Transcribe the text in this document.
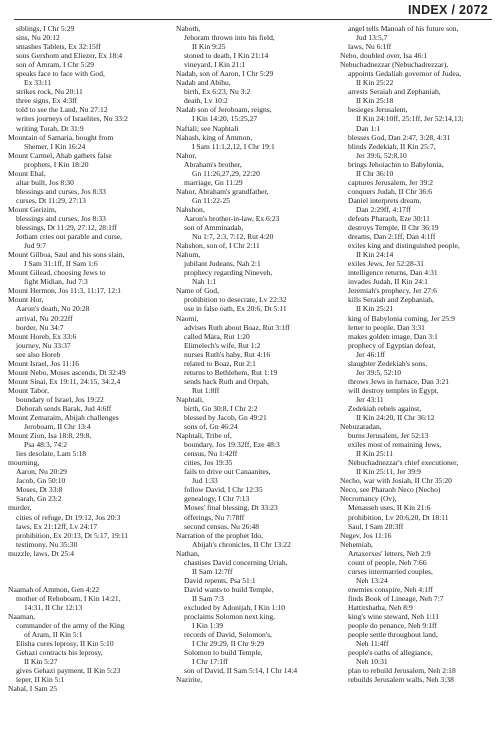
INDEX / 2072
siblings, I Chr 5:29
sins, Nu 20:12
smashes Tablets, Ex 32:15ff
sons Gershom and Eliezer, Ex 18:4
son of Amram, I Chr 5:29
speaks face to face with God,
Ex 33:11
strikes rock, Nu 20:11
three signs, Ex 4:3ff
told to see the Land, Nu 27:12
writes journeys of Israelites, Nu 33:2
writing Torah, Dt 31:9
Mountain of Samaria, bought from
Shemer, I Kin 16:24
Mount Carmel, Ahab gathers false
prophets, I Kin 18:20
Mount Ebal,
altar built, Jos 8:30
blessings and curses, Jos 8:33
curses, Dt 11:29, 27:13
Mount Gerizim,
blessings and curses, Jos 8:33
blessings, Dt 11:29, 27:12, 28:1ff
Jotham cries out parable and curse,
Jud 9:7
Mount Gilboa, Saul and his sons slain,
I Sam 31:1ff, II Sam 1:6
Mount Gilead, choosing Jews to
fight Midian, Jud 7:3
Mount Hermon, Jos 11:3, 11:17, 12:1
Mount Hor,
Aaron's death, Nu 20:28
arrival, Nu 20:22ff
border, Nu 34:7
Mount Horeb, Ex 33:6
journey, Nu 33:37
see also Horeb
Mount Israel, Jos 11:16
Mount Nebo, Moses ascends, Dt 32:49
Mount Sinai, Ex 19:11, 24:15, 34:2,4
Mount Tabor,
boundary of Israel, Jos 19:22
Deborah sends Barak, Jud 4:6ff
Mount Zemaraim, Abijah challenges
Jeroboam, II Chr 13:4
Mount Zion, Isa 18:8, 29:8,
Psa 48:3, 74:2
lies desolate, Lam 5:18
mourning,
Aaron, Nu 20:29
Jacob, Gn 50:10
Moses, Dt 33:8
Sarah, Gn 23:2
murder,
cities of refuge, Dt 19:12, Jos 20:3
laws, Ex 21:12ff, Lv 24:17
prohibition, Ex 20:13, Dt 5:17, 19:11
testimony, Nu 35:30
muzzle, laws, Dt 25:4
Naamah of Ammon, Gen 4:22
mother of Rehoboam, I Kin 14:21,
14:31, II Chr 12:13
Naaman,
commander of the army of the King
of Aram, II Kin 5:1
Elisha cures leprosy, II Kin 5:10
Gehazi contracts his leprosy,
II Kin 5:27
gives Gehazi payment, II Kin 5:23
leper, II Kin 5:1
Nabal, I Sam 25
Naboth,
Jehoram thrown into his field,
II Kin 9:25
stoned to death, I Kin 21:14
vineyard, I Kin 21:1
Nadab, son of Aaron, I Chr 5:29
Nadab and Abihu,
birth, Ex 6:23, Nu 3:2
death, Lv 10:2
Nadab son of Jeroboam, reigns,
I Kin 14:20, 15:25,27
Naftali; see Naphtali
Nahash, king of Ammon,
I Sam 11:1,2,12, I Chr 19:1
Nahor,
Abraham's brother,
Gn 11:26,27,29, 22:20
marriage, Gn 11:29
Nahor, Abraham's grandfather,
Gn 11:22-25
Nahshon,
Aaron's brother-in-law, Ex 6:23
son of Amminadab,
Nu 1:7, 2:3, 7:12, Rut 4:20
Nahshon, son of, I Chr 2:11
Nahum,
jubilant Judeans, Nah 2:1
prophecy regarding Nineveh,
Nah 1:1
Name of God,
prohibition to desecrate, Lv 22:32
use in false oath, Ex 20:6, Dt 5:11
Naomi,
advises Ruth about Boaz, Rut 3:1ff
called Mara, Rut 1:20
Elimelech's wife, Rut 1:2
nurses Ruth's baby, Rut 4:16
related to Boaz, Rut 2:1
returns to Bethlehem, Rut 1:19
sends back Ruth and Orpah,
Rut 1:8ff
Naphtali,
birth, Gn 30:8, I Chr 2:2
blessed by Jacob, Gn 49:21
sons of, Gn 46:24
Naphtali, Tribe of,
boundary, Jos 19:32ff, Eze 48:3
census, Nu 1:42ff
cities, Jos 19:35
fails to drive out Canaanites,
Jud 1:33
follow David, I Chr 12:35
genealogy, I Chr 7:13
Moses' final blessing, Dt 33:23
offerings, Nu 7:78ff
second census, Nu 26:48
Narration of the prophet Ido,
Abijah's chronicles, II Chr 13:22
Nathan,
chastises David concerning Uriah,
II Sam 12:7ff
David repents, Psa 51:1
David wants to build Temple,
II Sam 7:3
excluded by Adonijah, I Kin 1:10
proclaims Solomon next king,
I Kin 1:39
records of David, Solomon's,
I Chr 29:29, II Chr 9:29
Solomon to build Temple,
I Chr 17:1ff
son of David, II Sam 5:14, I Chr 14:4
Nazirite,
angel tells Manoah of his future son,
Jud 13:5,7
laws, Nu 6:1ff
Nebo, doubled over, Isa 46:1
Nebuchadnezzar (Nebuchadrezzar),
appoints Gedaliah governor of Judea,
II Kin 25:22
arrests Seraiah and Zephaniah,
II Kin 25:18
besieges Jerusalem,
II Kin 24:10ff, 25:1ff, Jer 52:14,13;
Dan 1:1
blesses God, Dan 2:47, 3:28, 4:31
blinds Zedekiah, II Kin 25:7,
Jer 39:6, 52:8,10
brings Jehoiachin to Babylonia,
II Chr 36:10
captures Jerusalem, Jer 39:2
conquers Judah, II Chr 36:6
Daniel interprets dream,
Dan 2:29ff, 4:17ff
defeats Pharaoh, Eze 30:11
destroys Temple, II Chr 36:19
dreams, Dan 2:1ff, Dan 4:1ff
exiles king and distinguished people,
II Kin 24:14
exiles Jews, Jer 52:28-31
intelligence returns, Dan 4:31
invades Judah, II Kin 24:1
Jeremiah's prophecy, Jer 27:6
kills Seraiah and Zephaniah,
II Kin 25:21
king of Babylonia coming, Jer 25:9
letter to people, Dan 3:31
makes golden image, Dan 3:1
prophecy of Egyptian defeat,
Jer 46:1ff
slaughter Zedekiah's sons,
Jer 39:5, 52:10
throws Jews in furnace, Dan 3:21
will destroy temples in Egypt,
Jer 43:11
Zedekiah rebels against,
II Kin 24:20, II Chr 36:12
Nebuzaradan,
burns Jerusalem, Jer 52:13
exiles most of remaining Jews,
II Kin 25:11
Nebuchadnezzar's chief executioner,
II Kin 25:11, Jer 39:9
Necho, war with Josiah, II Chr 35:20
Neco, see Pharaoh Neco (Necho)
Necromancy (Ov),
Menasseh uses, II Kin 21:6
prohibition, Lv 20:6,20, Dt 18:11
Saul, I Sam 28:3ff
Negev, Jos 11:16
Nehemiah,
Artaxerxes' letters, Neh 2:9
count of people, Neh 7:66
curses intermarried couples,
Neh 13:24
enemies conspire, Neh 4:1ff
finds Book of Lineage, Neh 7:7
Hattirshatha, Neh 8:9
king's wine steward, Neh 1:11
people do penance, Neh 9:1ff
people settle throughout land,
Neh 11:4ff
people's oaths of allegiance,
Neh 10:31
plan to rebuild Jerusalem, Neh 2:18
rebuilds Jerusalem walls, Neh 3:38
